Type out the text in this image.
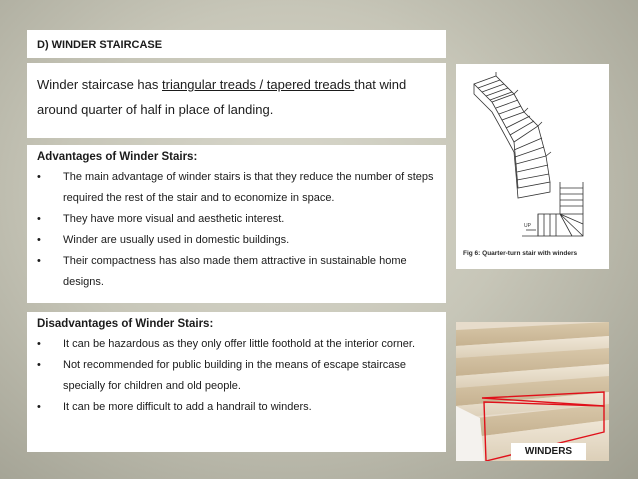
D) WINDER STAIRCASE
Winder staircase has triangular treads / tapered treads that wind around quarter of half in place of landing.
Advantages of Winder Stairs:
• The main advantage of winder stairs is that they reduce the number of steps required the rest of the stair and to economize in space.
• They have more visual and aesthetic interest.
• Winder are usually used in domestic buildings.
• Their compactness has also made them attractive in sustainable home designs.
Disadvantages of Winder Stairs:
• It can be hazardous as they only offer little foothold at the interior corner.
• Not recommended for public building in the means of escape staircase specially for children and old people.
• It can be more difficult to add a handrail to winders.
UP
Fig 6: Quarter-turn stair with winders
WINDERS
